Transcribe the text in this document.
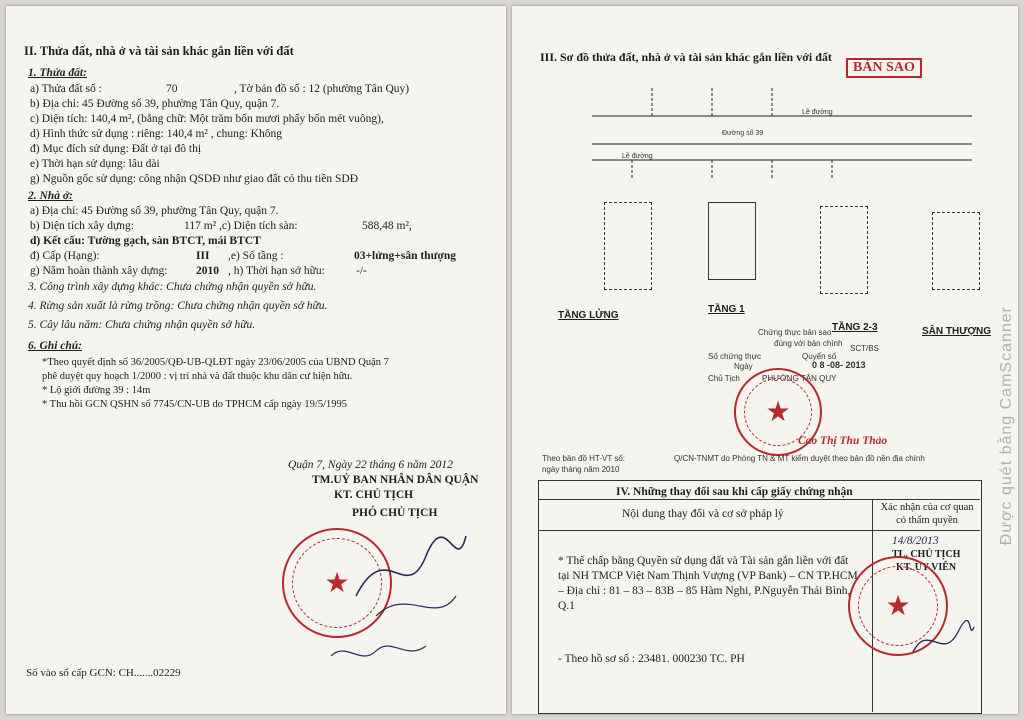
II. Thửa đất, nhà ở và tài sản khác gắn liền với đất
1. Thửa đất:
a) Thửa đất số :	70	, Tờ bản đồ số : 12 (phường Tân Quy)
b) Địa chỉ: 45 Đường số 39, phường Tân Quy, quận 7.
c) Diện tích: 140,4 m², (bằng chữ: Một trăm bốn mươi phẩy bốn mét vuông),
d) Hình thức sử dụng : riêng: 140,4 m² , chung: Không
đ) Mục đích sử dụng: Đất ở tại đô thị
e) Thời hạn sử dụng: lâu dài
g) Nguồn gốc sử dụng: công nhận QSDĐ như giao đất có thu tiền SDĐ
2. Nhà ở:
a) Địa chỉ: 45 Đường số 39, phường Tân Quy, quận 7.
b) Diện tích xây dựng:	117 m² ,c) Diện tích sàn:	588,48 m²,
d) Kết cấu: Tường gạch, sàn BTCT, mái BTCT
đ) Cấp (Hạng):	III ,e) Số tầng :	03+lửng+sân thượng
g) Năm hoàn thành xây dựng: 2010 , h) Thời hạn sở hữu:	-/-
3. Công trình xây dựng khác: Chưa chứng nhận quyền sở hữu.
4. Rừng sản xuất là rừng trồng: Chưa chứng nhận quyền sở hữu.
5. Cây lâu năm: Chưa chứng nhận quyền sở hữu.
6. Ghi chú:
*Theo quyết định số 36/2005/QĐ-UB-QLĐT ngày 23/06/2005 của UBND Quận 7
phê duyệt quy hoạch 1/2000 : vị trí nhà và đất thuộc khu dân cư hiện hữu.
* Lộ giới đường 39 : 14m
* Thu hồi GCN QSHN số 7745/CN-UB do TPHCM cấp ngày 19/5/1995
Quận 7, Ngày 22 tháng 6 năm 2012
TM.UỶ BAN NHÂN DÂN QUẬN
KT. CHỦ TỊCH
PHÓ CHỦ TỊCH
★
Số vào sổ cấp GCN: CH.......02229
III. Sơ đồ thửa đất, nhà ở và tài sản khác gắn liền với đất
BẢN SAO
Lề đường
Đường số 39
Lề đường
TẦNG LỬNG
TẦNG 1
TẦNG 2-3	SÂN THƯỢNG
Chứng thực bản sao
đúng với bản chính
Số chứng thực	Quyển số
SCT/BS
Ngày	0 8 -08- 2013
Chủ Tịch	PHƯỜNG TÂN QUY
★
Cao Thị Thu Thảo
Theo bản đồ HT-VT số:	Q/CN-TNMT do Phòng TN & MT kiểm duyệt theo bản đồ nền địa chính
ngày tháng năm 2010
IV. Những thay đổi sau khi cấp giấy chứng nhận
Nội dung thay đổi và cơ sở pháp lý
Xác nhận của cơ quan có thẩm quyền
* Thế chấp bằng Quyền sử dụng đất và Tài sản gắn liền với đất tại NH TMCP Việt Nam Thịnh Vượng (VP Bank) – CN TP.HCM – Địa chỉ : 81 – 83 – 83B – 85 Hàm Nghi, P.Nguyễn Thái Bình, Q.1
- Theo hồ sơ số : 23481. 000230 TC. PH
14/8/2013
TL. CHỦ TỊCH
KT. ỦY VIÊN
★
Được quét bằng CamScanner
